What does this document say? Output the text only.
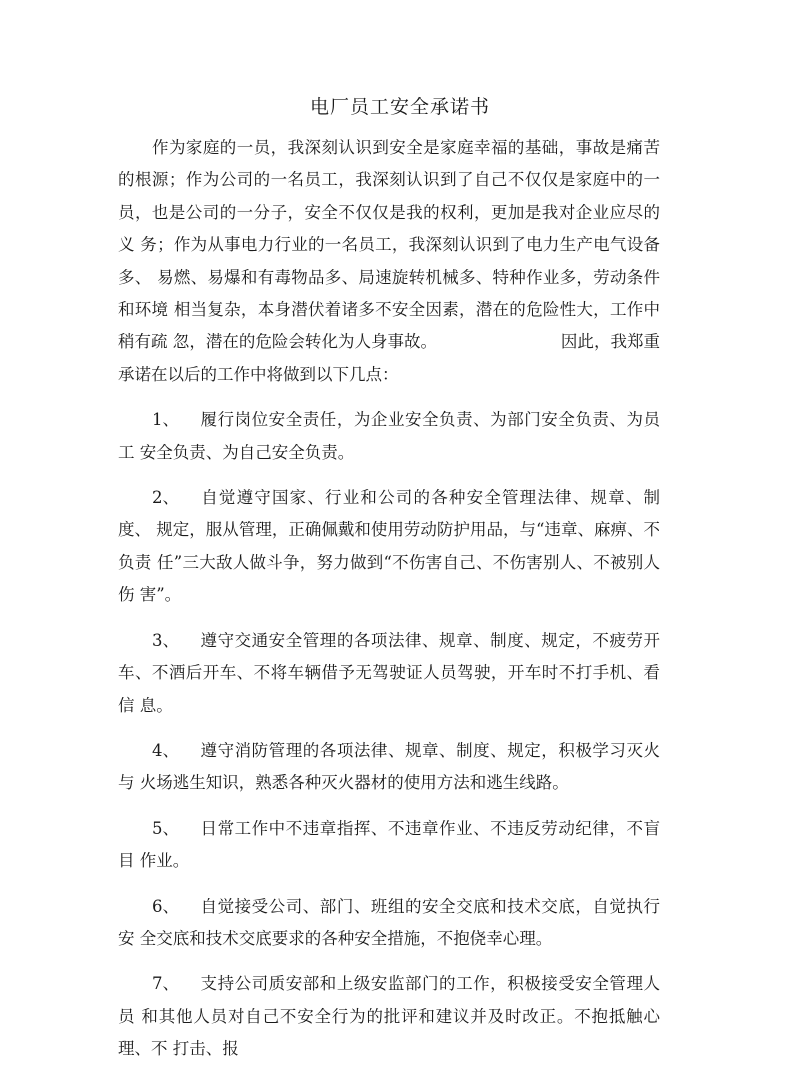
电厂员工安全承诺书

作为家庭的一员，我深刻认识到安全是家庭幸福的基础，事故是痛苦 的根源；作为公司的一名员工，我深刻认识到了自己不仅仅是家庭中的一 员，也是公司的一分子，安全不仅仅是我的权利，更加是我对企业应尽的义 务；作为从事电力行业的一名员工，我深刻认识到了电力生产电气设备多、 易燃、易爆和有毒物品多、局速旋转机械多、特种作业多，劳动条件和环境 相当复杂，本身潜伏着诸多不安全因素，潜在的危险性大，工作中稍有疏 忽，潜在的危险会转化为人身事故。　　　　　　　　因此，我郑重承诺在以后的工作中将做到以下几点：

1、 履行岗位安全责任，为企业安全负责、为部门安全负责、为员工 安全负责、为自己安全负责。

2、 自觉遵守国家、行业和公司的各种安全管理法律、规章、制度、 规定，服从管理，正确佩戴和使用劳动防护用品，与“违章、麻痹、不负责 任”三大敌人做斗争，努力做到“不伤害自己、不伤害别人、不被别人伤 害”。

3、 遵守交通安全管理的各项法律、规章、制度、规定，不疲劳开 车、不酒后开车、不将车辆借予无驾驶证人员驾驶，开车时不打手机、看信 息。

4、 遵守消防管理的各项法律、规章、制度、规定，积极学习灭火与 火场逃生知识，熟悉各种灭火器材的使用方法和逃生线路。

5、 日常工作中不违章指挥、不违章作业、不违反劳动纪律，不盲目 作业。

6、 自觉接受公司、部门、班组的安全交底和技术交底，自觉执行安 全交底和技术交底要求的各种安全措施，不抱侥幸心理。

7、 支持公司质安部和上级安监部门的工作，积极接受安全管理人员 和其他人员对自己不安全行为的批评和建议并及时改正。不抱抵触心理、不 打击、报
